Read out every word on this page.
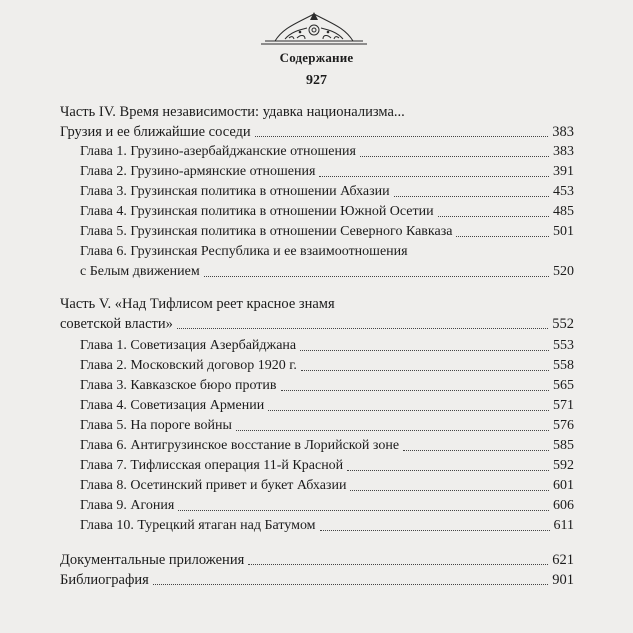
Содержание
927
Часть IV. Время независимости: удавка национализма...
Грузия и ее ближайшие соседи	383
Глава 1. Грузино-азербайджанские отношения	383
Глава 2. Грузино-армянские отношения	391
Глава 3. Грузинская политика в отношении Абхазии	453
Глава 4. Грузинская политика в отношении Южной Осетии	485
Глава 5. Грузинская политика в отношении Северного Кавказа	501
Глава 6. Грузинская Республика и ее взаимоотношения
с Белым движением	520
Часть V. «Над Тифлисом реет красное знамя
советской власти»	552
Глава 1. Советизация Азербайджана	553
Глава 2. Московский договор 1920 г.	558
Глава 3. Кавказское бюро против	565
Глава 4. Советизация Армении	571
Глава 5. На пороге войны	576
Глава 6. Антигрузинское восстание в Лорийской зоне	585
Глава 7. Тифлисская операция 11-й Красной	592
Глава 8. Осетинский привет и букет Абхазии	601
Глава 9. Агония	606
Глава 10. Турецкий ятаган над Батумом	611
Документальные приложения	621
Библиография	901
